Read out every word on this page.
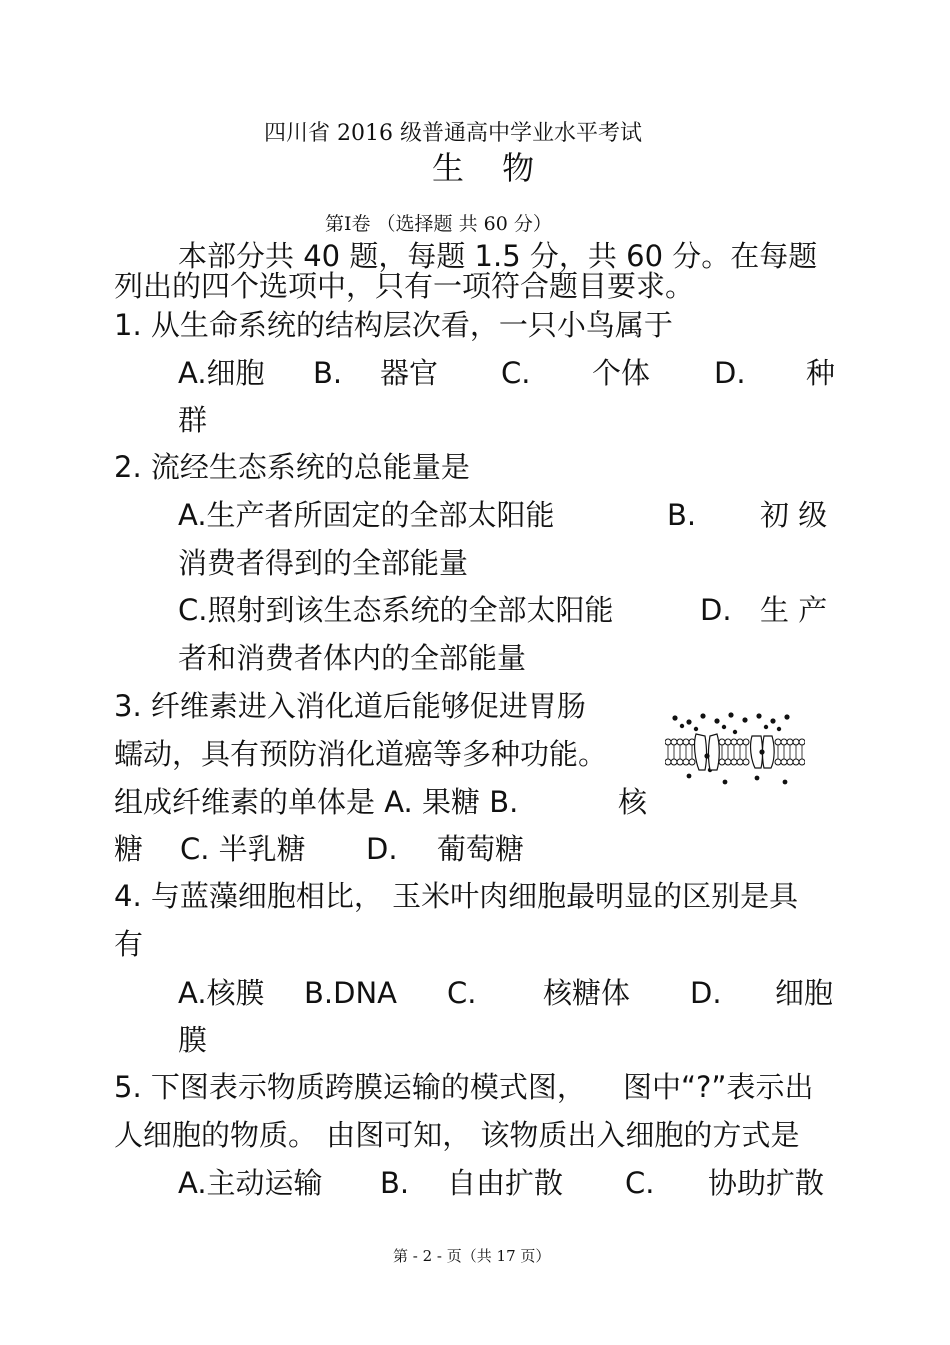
四川省 2016 级普通高中学业水平考试
生 物
第Ⅰ卷 （选择题 共 60 分）
本部分共 40 题，每题 1.5 分，共 60 分。在每题
列出的四个选项中，只有一项符合题目要求。
1. 从生命系统的结构层次看，一只小鸟属于
A.细胞 B. 器官 C. 个体 D. 种
群
2. 流经生态系统的总能量是
A.生产者所固定的全部太阳能	B. 初 级
消费者得到的全部能量
C.照射到该生态系统的全部太阳能	D. 生 产
者和消费者体内的全部能量
3. 纤维素进入消化道后能够促进胃肠
蠕动，具有预防消化道癌等多种功能。
组成纤维素的单体是 A. 果糖 B.	核
糖 C. 半乳糖 D. 葡萄糖
4. 与蓝藻细胞相比， 玉米叶肉细胞最明显的区别是具
有
A.核膜 B.DNA C. 核糖体 D. 细胞
膜
5. 下图表示物质跨膜运输的模式图， 图中“?”表示出
人细胞的物质。 由图可知， 该物质出入细胞的方式是
A.主动运输 B. 自由扩散 C. 协助扩散
第 - 2 - 页（共 17 页）
